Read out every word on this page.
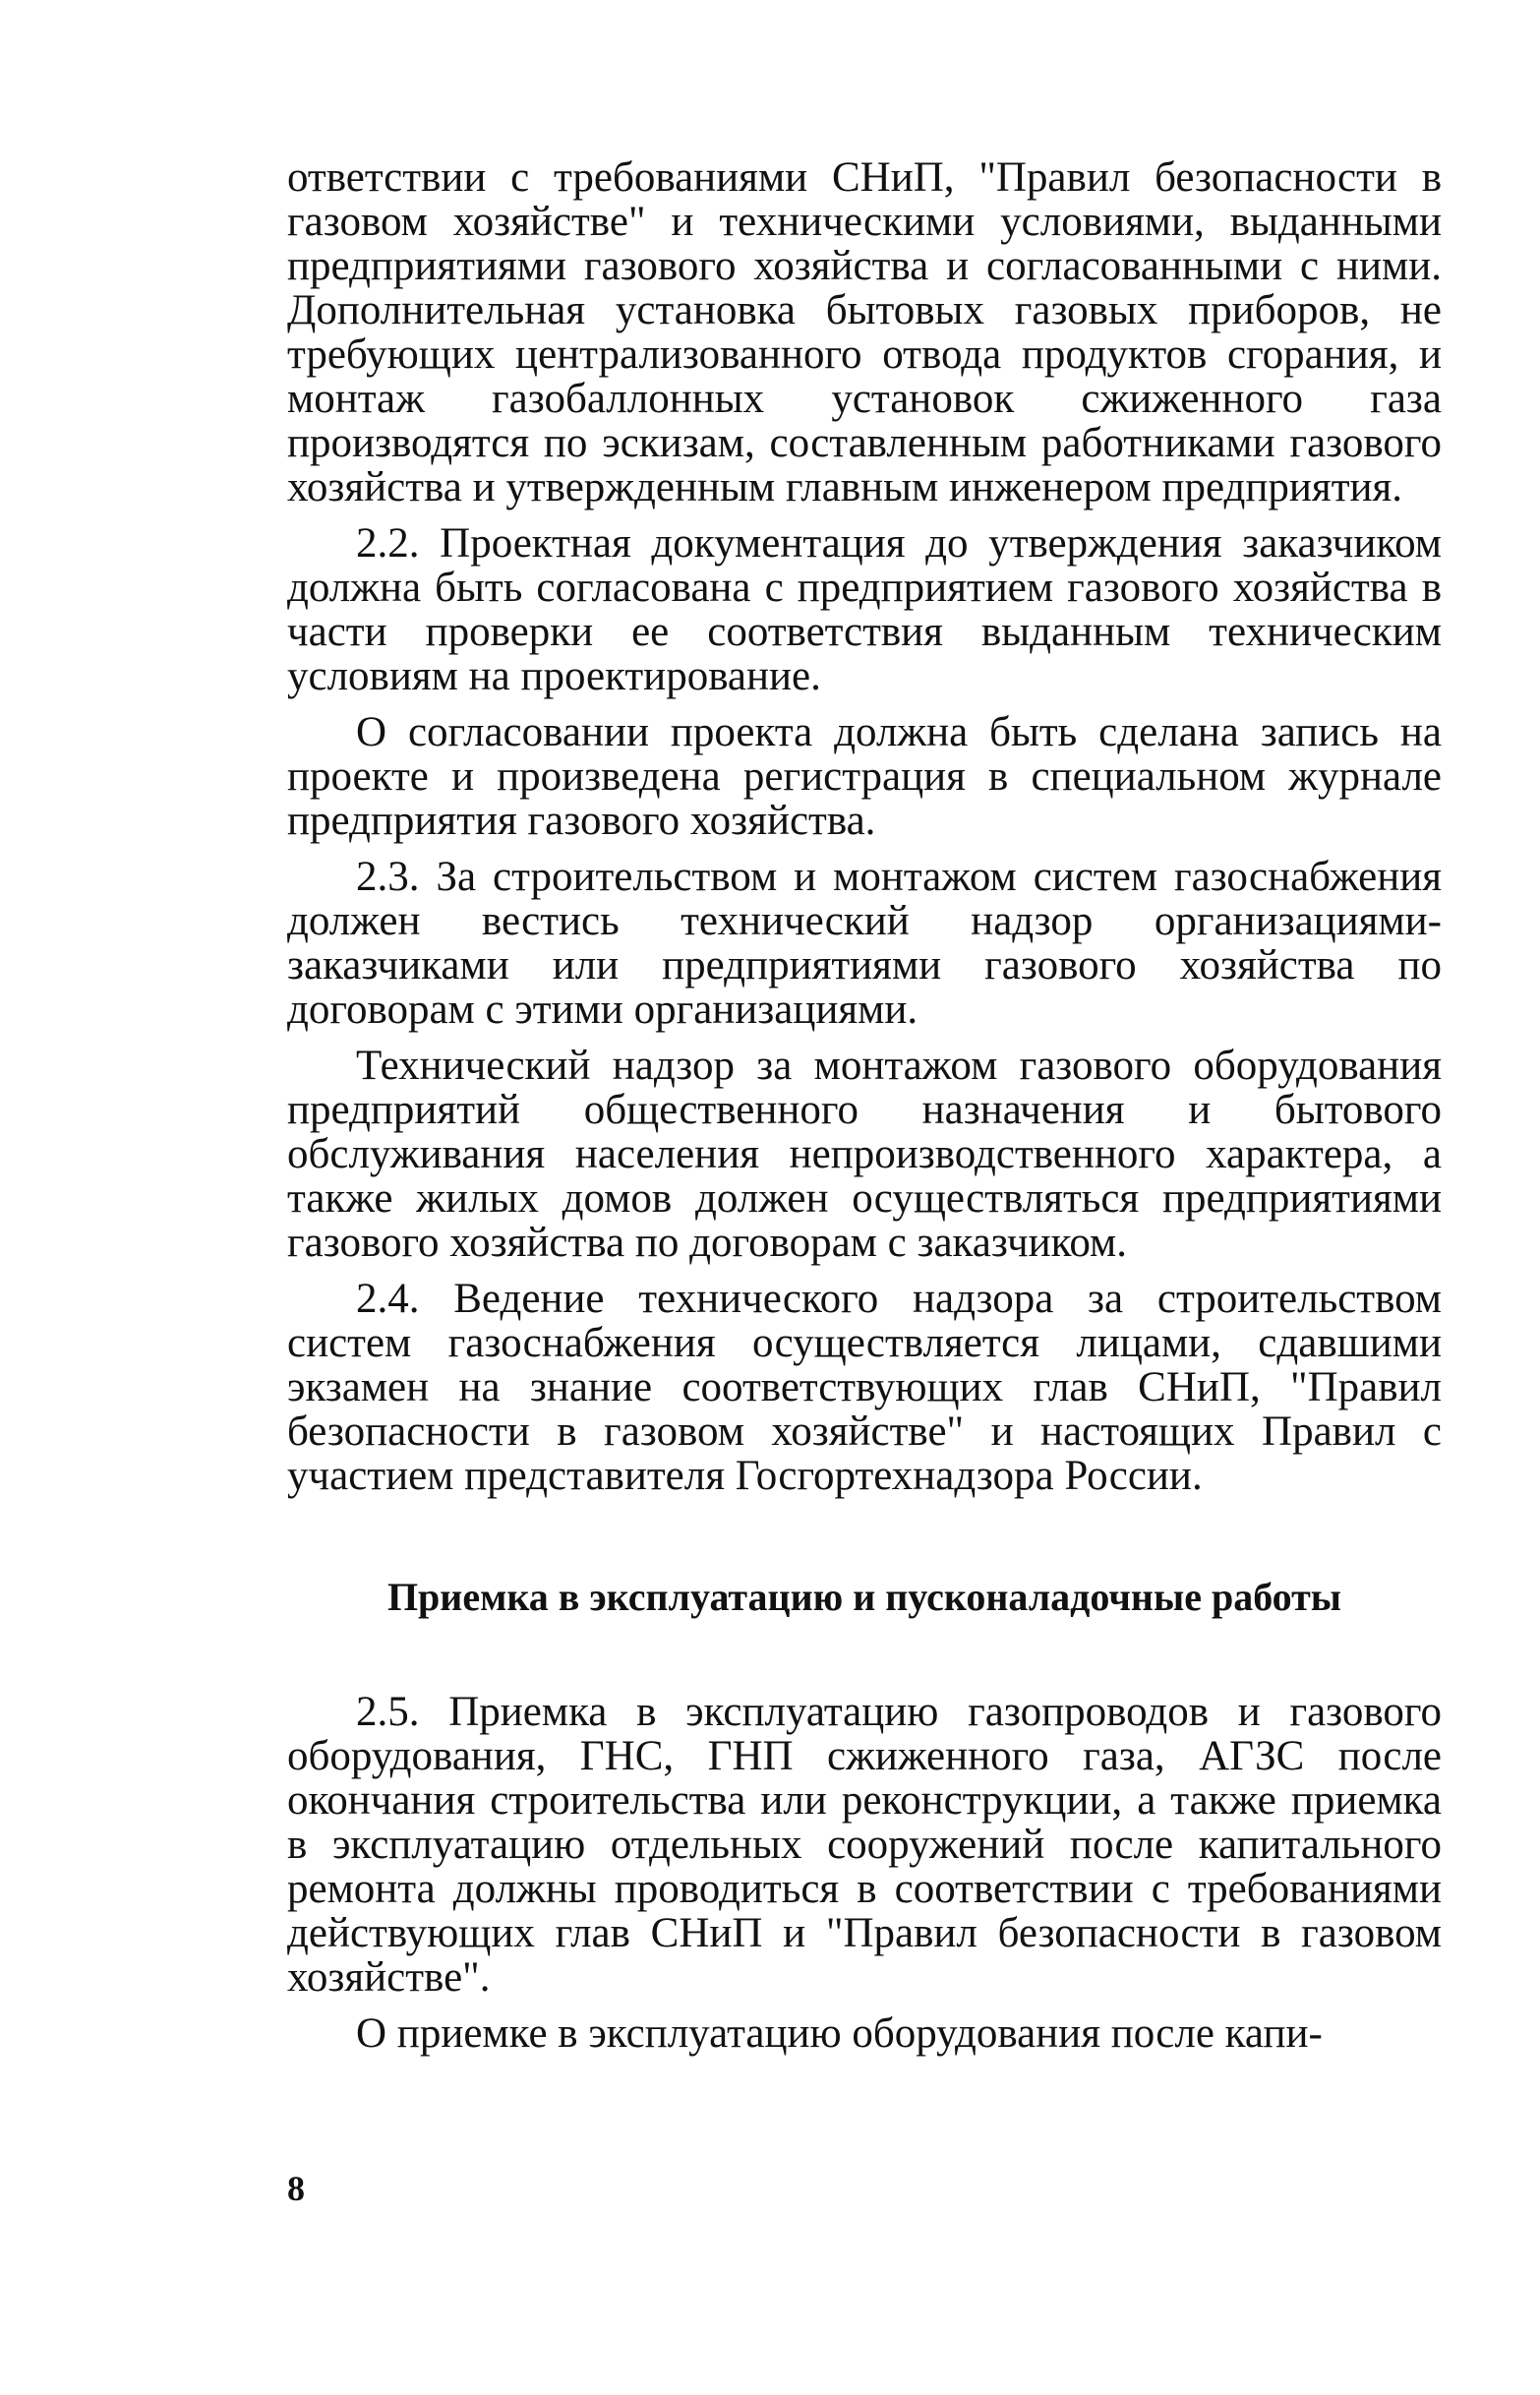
ответствии с требованиями СНиП, "Правил безопасности в газовом хозяйстве" и техническими условиями, выданными предприятиями газового хозяйства и согласованными с ними. Дополнительная установка бытовых газовых приборов, не требующих централизованного отвода продуктов сгорания, и монтаж газобаллонных установок сжиженного газа производятся по эскизам, составленным работниками газового хозяйства и утвержденным главным инженером предприятия.

2.2. Проектная документация до утверждения заказчиком должна быть согласована с предприятием газового хозяйства в части проверки ее соответствия выданным техническим условиям на проектирование.

О согласовании проекта должна быть сделана запись на проекте и произведена регистрация в специальном журнале предприятия газового хозяйства.

2.3. За строительством и монтажом систем газоснабжения должен вестись технический надзор организациями-заказчиками или предприятиями газового хозяйства по договорам с этими организациями.

Технический надзор за монтажом газового оборудования предприятий общественного назначения и бытового обслуживания населения непроизводственного характера, а также жилых домов должен осуществляться предприятиями газового хозяйства по договорам с заказчиком.

2.4. Ведение технического надзора за строительством систем газоснабжения осуществляется лицами, сдавшими экзамен на знание соответствующих глав СНиП, "Правил безопасности в газовом хозяйстве" и настоящих Правил с участием представителя Госгортехнадзора России.

Приемка в эксплуатацию и пусконаладочные работы

2.5. Приемка в эксплуатацию газопроводов и газового оборудования, ГНС, ГНП сжиженного газа, АГЗС после окончания строительства или реконструкции, а также приемка в эксплуатацию отдельных сооружений после капитального ремонта должны проводиться в соответствии с требованиями действующих глав СНиП и "Правил безопасности в газовом хозяйстве".

О приемке в эксплуатацию оборудования после капи-

8
